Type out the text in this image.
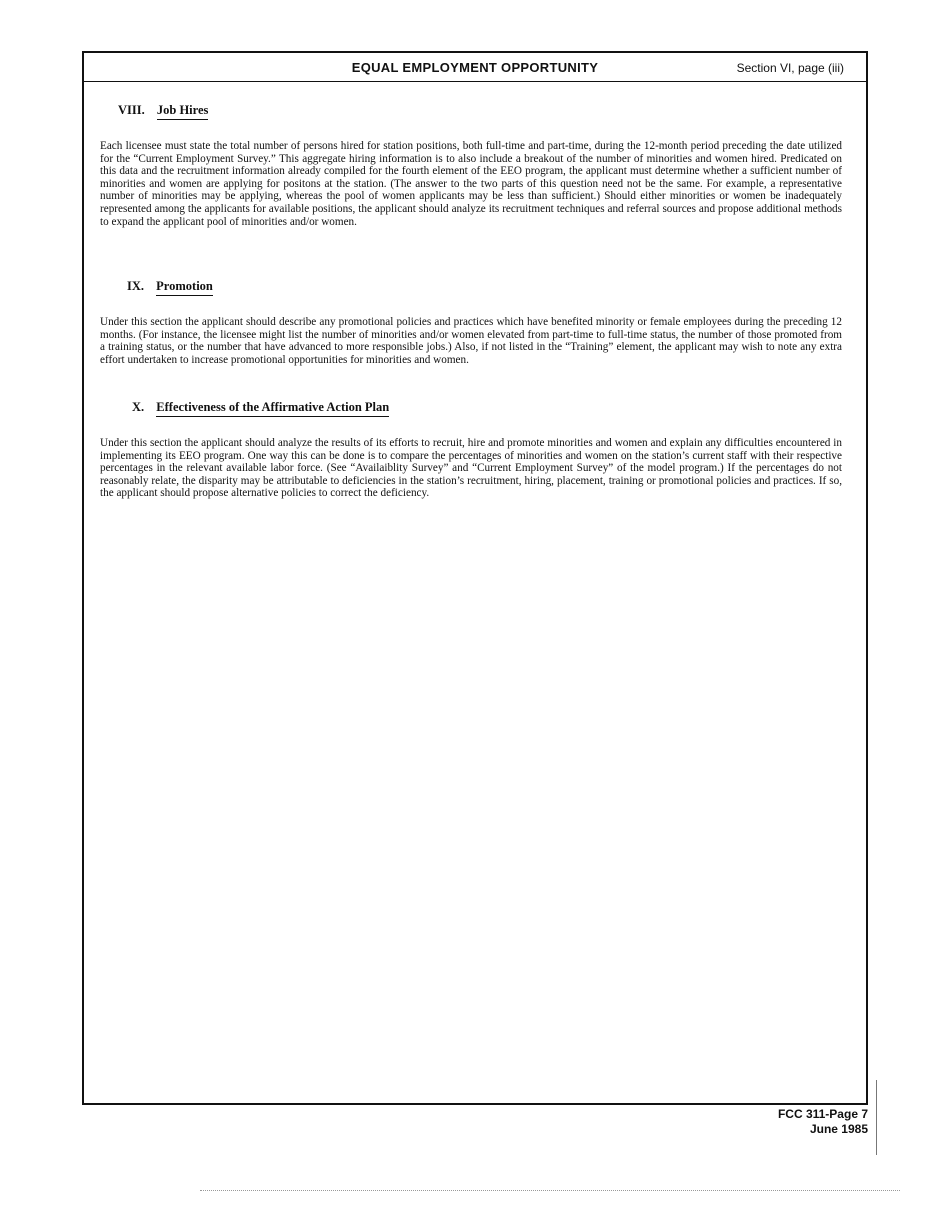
EQUAL EMPLOYMENT OPPORTUNITY	Section VI, page (iii)
VIII. Job Hires

Each licensee must state the total number of persons hired for station positions, both full-time and part-time, during the 12-month period preceding the date utilized for the “Current Employment Survey.” This aggregate hiring information is to also include a breakout of the number of minorities and women hired. Predicated on this data and the recruitment information already compiled for the fourth element of the EEO program, the applicant must determine whether a sufficient number of minorities and women are applying for positons at the station. (The answer to the two parts of this question need not be the same. For example, a representative number of minorities may be applying, whereas the pool of women applicants may be less than sufficient.) Should either minorities or women be inadequately represented among the applicants for available positions, the applicant should analyze its recruitment techniques and referral sources and propose additional methods to expand the applicant pool of minorities and/or women.

IX. Promotion

Under this section the applicant should describe any promotional policies and practices which have benefited minority or female employees during the preceding 12 months. (For instance, the licensee might list the number of minorities and/or women elevated from part-time to full-time status, the number of those promoted from a training status, or the number that have advanced to more responsible jobs.) Also, if not listed in the “Training” element, the applicant may wish to note any extra effort undertaken to increase promotional opportunities for minorities and women.

X. Effectiveness of the Affirmative Action Plan

Under this section the applicant should analyze the results of its efforts to recruit, hire and promote minorities and women and explain any difficulties encountered in implementing its EEO program. One way this can be done is to compare the percentages of minorities and women on the station’s current staff with their respective percentages in the relevant available labor force. (See “Availaiblity Survey” and “Current Employment Survey” of the model program.) If the percentages do not reasonably relate, the disparity may be attributable to deficiencies in the station’s recruitment, hiring, placement, training or promotional policies and practices. If so, the applicant should propose alternative policies to correct the deficiency.

FCC 311-Page 7
June 1985
